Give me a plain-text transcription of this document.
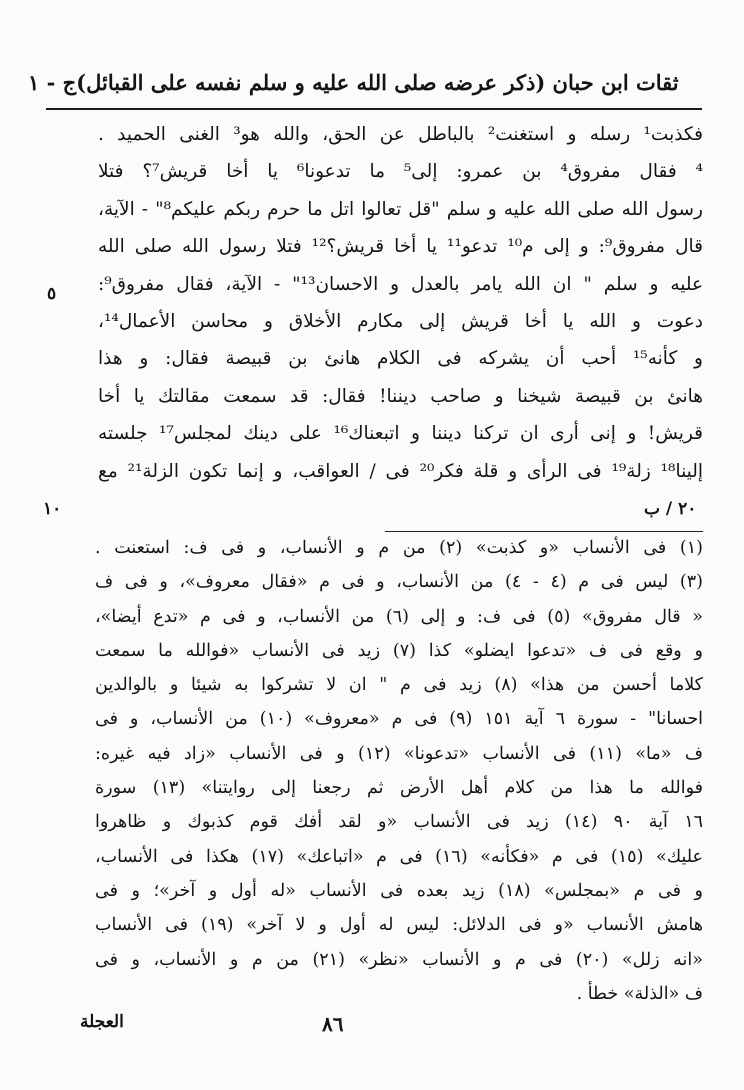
ثقات ابن حبان (ذكر عرضه صلى الله عليه و سلم نفسه على القبائل)ج - ١
فكذبت¹ رسله و استغنت² بالباطل عن الحق، والله هو³ الغنى الحميد .
⁴ فقال مفروق⁴ بن عمرو: إلى⁵ ما تدعونا⁶ يا أخا قريش⁷؟ فتلا
رسول الله صلى الله عليه و سلم "قل تعالوا اتل ما حرم ربكم عليكم⁸" - الآية،
قال مفروق⁹: و إلى م¹⁰ تدعو¹¹ يا أخا قريش؟¹² فتلا رسول الله صلى الله
عليه و سلم " ان الله يامر بالعدل و الاحسان¹³" - الآية، فقال مفروق⁹:
دعوت و الله يا أخا قريش إلى مكارم الأخلاق و محاسن الأعمال¹⁴،
و كأنه¹⁵ أحب أن يشركه فى الكلام هانئ بن قبيصة فقال: و هذا
هانئ بن قبيصة شيخنا و صاحب ديننا! فقال: قد سمعت مقالتك يا أخا
قريش! و إنى أرى ان تركنا ديننا و اتبعناك¹⁶ على دينك لمجلس¹⁷ جلسته
إلينا¹⁸ زلة¹⁹ فى الرأى و قلة فكر²⁰ فى / العواقب، و إنما تكون الزلة²¹ مع
٥
١٠	٢٠ / ب
(١) فى الأنساب «و كذبت» (٢) من م و الأنساب، و فى ف: استعنت .
(٣) ليس فى م (٤ - ٤) من الأنساب، و فى م «فقال معروف»، و فى ف
« قال مفروق» (٥) فى ف: و إلى (٦) من الأنساب، و فى م «تدع أيضا»،
و وقع فى ف «تدعوا ايضلو» كذا (٧) زيد فى الأنساب «فوالله ما سمعت
كلاما أحسن من هذا» (٨) زيد فى م " ان لا تشركوا به شيئا و بالوالدين
احسانا" - سورة ٦ آية ١٥١ (٩) فى م «معروف» (١٠) من الأنساب، و فى
ف «ما» (١١) فى الأنساب «تدعونا» (١٢) و فى الأنساب «زاد فيه غيره:
فوالله ما هذا من كلام أهل الأرض ثم رجعنا إلى روايتنا» (١٣) سورة
١٦ آية ٩٠ (١٤) زيد فى الأنساب «و لقد أفك قوم كذبوك و ظاهروا
عليك» (١٥) فى م «فكأنه» (١٦) فى م «اتباعك» (١٧) هكذا فى الأنساب،
و فى م «بمجلس» (١٨) زيد بعده فى الأنساب «له أول و آخر»؛ و فى
هامش الأنساب «و فى الدلائل: ليس له أول و لا آخر» (١٩) فى الأنساب
«انه زلل» (٢٠) فى م و الأنساب «نظر» (٢١) من م و الأنساب، و فى
ف «الذلة» خطأ .
٨٦
العجلة
